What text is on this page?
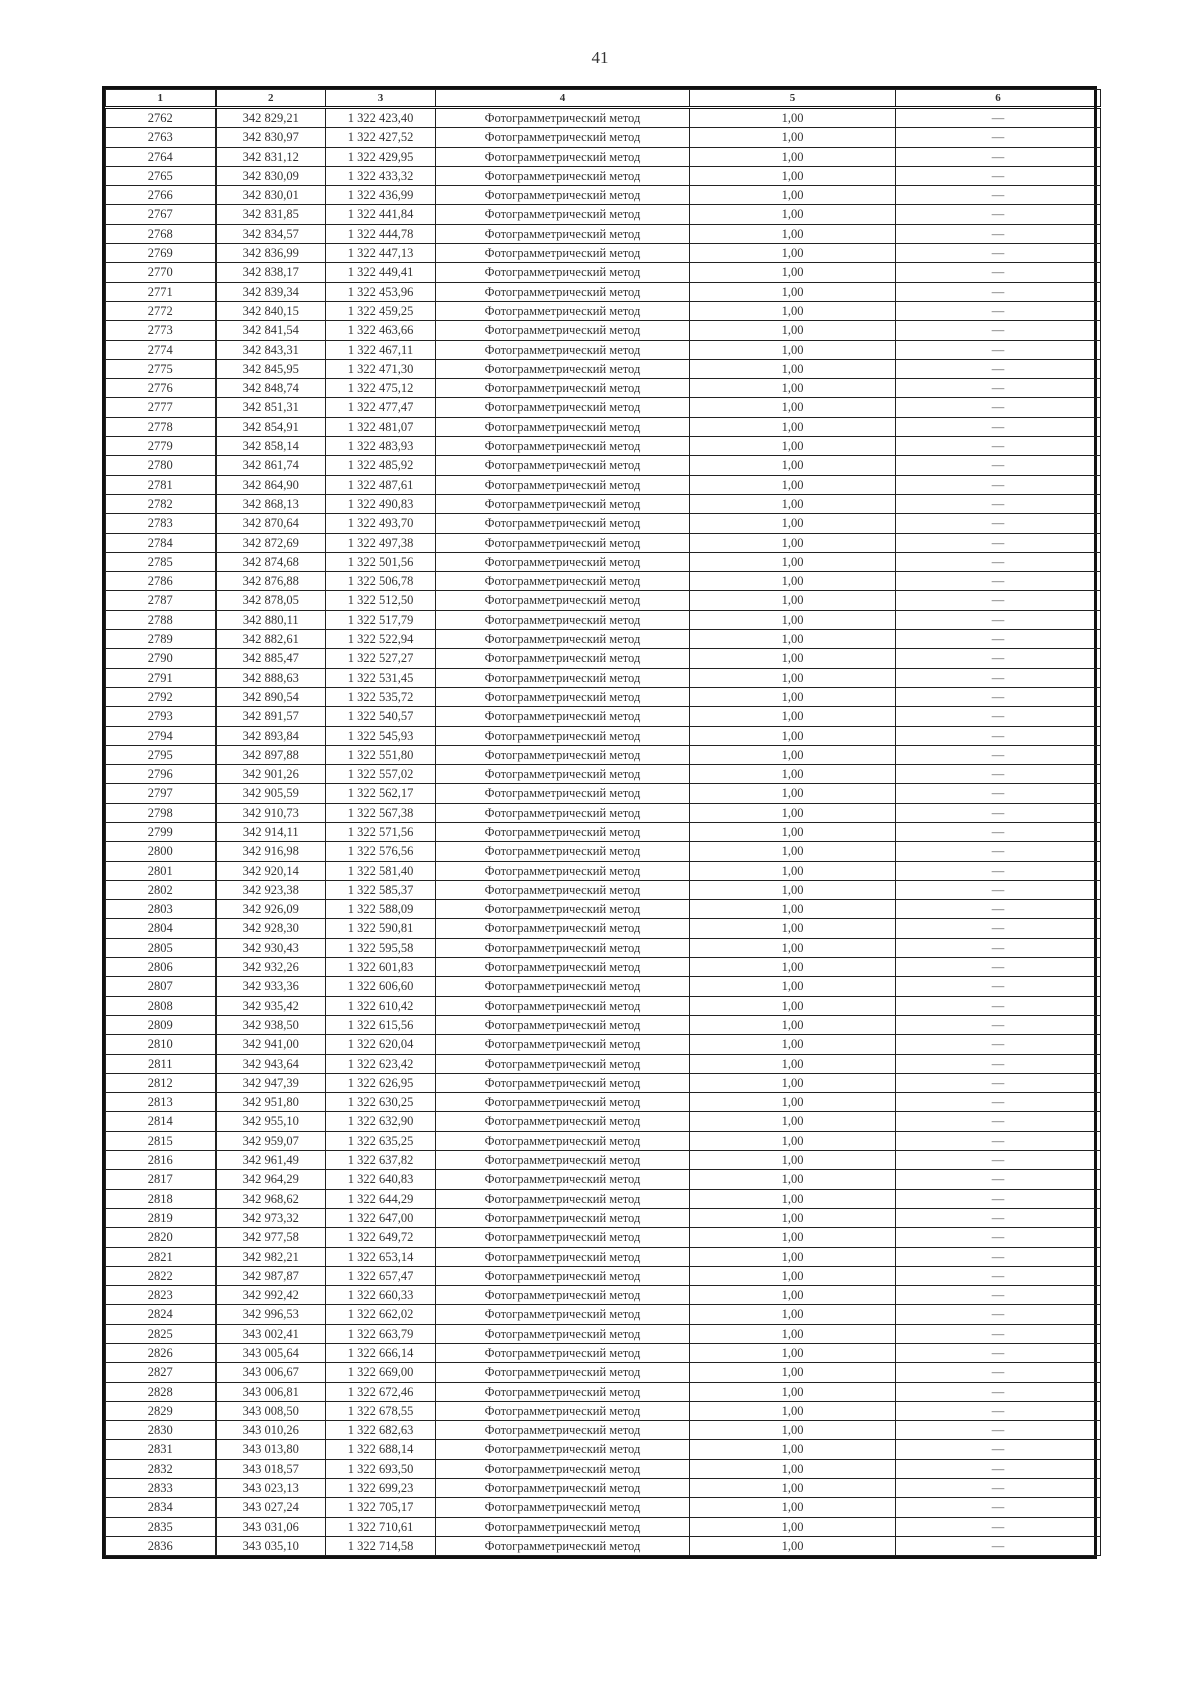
41
1	2	3	4	5	6
2762	342 829,21	1 322 423,40	Фотограмметрический метод	1,00	—
2763	342 830,97	1 322 427,52	Фотограмметрический метод	1,00	—
2764	342 831,12	1 322 429,95	Фотограмметрический метод	1,00	—
2765	342 830,09	1 322 433,32	Фотограмметрический метод	1,00	—
2766	342 830,01	1 322 436,99	Фотограмметрический метод	1,00	—
2767	342 831,85	1 322 441,84	Фотограмметрический метод	1,00	—
2768	342 834,57	1 322 444,78	Фотограмметрический метод	1,00	—
2769	342 836,99	1 322 447,13	Фотограмметрический метод	1,00	—
2770	342 838,17	1 322 449,41	Фотограмметрический метод	1,00	—
2771	342 839,34	1 322 453,96	Фотограмметрический метод	1,00	—
2772	342 840,15	1 322 459,25	Фотограмметрический метод	1,00	—
2773	342 841,54	1 322 463,66	Фотограмметрический метод	1,00	—
2774	342 843,31	1 322 467,11	Фотограмметрический метод	1,00	—
2775	342 845,95	1 322 471,30	Фотограмметрический метод	1,00	—
2776	342 848,74	1 322 475,12	Фотограмметрический метод	1,00	—
2777	342 851,31	1 322 477,47	Фотограмметрический метод	1,00	—
2778	342 854,91	1 322 481,07	Фотограмметрический метод	1,00	—
2779	342 858,14	1 322 483,93	Фотограмметрический метод	1,00	—
2780	342 861,74	1 322 485,92	Фотограмметрический метод	1,00	—
2781	342 864,90	1 322 487,61	Фотограмметрический метод	1,00	—
2782	342 868,13	1 322 490,83	Фотограмметрический метод	1,00	—
2783	342 870,64	1 322 493,70	Фотограмметрический метод	1,00	—
2784	342 872,69	1 322 497,38	Фотограмметрический метод	1,00	—
2785	342 874,68	1 322 501,56	Фотограмметрический метод	1,00	—
2786	342 876,88	1 322 506,78	Фотограмметрический метод	1,00	—
2787	342 878,05	1 322 512,50	Фотограмметрический метод	1,00	—
2788	342 880,11	1 322 517,79	Фотограмметрический метод	1,00	—
2789	342 882,61	1 322 522,94	Фотограмметрический метод	1,00	—
2790	342 885,47	1 322 527,27	Фотограмметрический метод	1,00	—
2791	342 888,63	1 322 531,45	Фотограмметрический метод	1,00	—
2792	342 890,54	1 322 535,72	Фотограмметрический метод	1,00	—
2793	342 891,57	1 322 540,57	Фотограмметрический метод	1,00	—
2794	342 893,84	1 322 545,93	Фотограмметрический метод	1,00	—
2795	342 897,88	1 322 551,80	Фотограмметрический метод	1,00	—
2796	342 901,26	1 322 557,02	Фотограмметрический метод	1,00	—
2797	342 905,59	1 322 562,17	Фотограмметрический метод	1,00	—
2798	342 910,73	1 322 567,38	Фотограмметрический метод	1,00	—
2799	342 914,11	1 322 571,56	Фотограмметрический метод	1,00	—
2800	342 916,98	1 322 576,56	Фотограмметрический метод	1,00	—
2801	342 920,14	1 322 581,40	Фотограмметрический метод	1,00	—
2802	342 923,38	1 322 585,37	Фотограмметрический метод	1,00	—
2803	342 926,09	1 322 588,09	Фотограмметрический метод	1,00	—
2804	342 928,30	1 322 590,81	Фотограмметрический метод	1,00	—
2805	342 930,43	1 322 595,58	Фотограмметрический метод	1,00	—
2806	342 932,26	1 322 601,83	Фотограмметрический метод	1,00	—
2807	342 933,36	1 322 606,60	Фотограмметрический метод	1,00	—
2808	342 935,42	1 322 610,42	Фотограмметрический метод	1,00	—
2809	342 938,50	1 322 615,56	Фотограмметрический метод	1,00	—
2810	342 941,00	1 322 620,04	Фотограмметрический метод	1,00	—
2811	342 943,64	1 322 623,42	Фотограмметрический метод	1,00	—
2812	342 947,39	1 322 626,95	Фотограмметрический метод	1,00	—
2813	342 951,80	1 322 630,25	Фотограмметрический метод	1,00	—
2814	342 955,10	1 322 632,90	Фотограмметрический метод	1,00	—
2815	342 959,07	1 322 635,25	Фотограмметрический метод	1,00	—
2816	342 961,49	1 322 637,82	Фотограмметрический метод	1,00	—
2817	342 964,29	1 322 640,83	Фотограмметрический метод	1,00	—
2818	342 968,62	1 322 644,29	Фотограмметрический метод	1,00	—
2819	342 973,32	1 322 647,00	Фотограмметрический метод	1,00	—
2820	342 977,58	1 322 649,72	Фотограмметрический метод	1,00	—
2821	342 982,21	1 322 653,14	Фотограмметрический метод	1,00	—
2822	342 987,87	1 322 657,47	Фотограмметрический метод	1,00	—
2823	342 992,42	1 322 660,33	Фотограмметрический метод	1,00	—
2824	342 996,53	1 322 662,02	Фотограмметрический метод	1,00	—
2825	343 002,41	1 322 663,79	Фотограмметрический метод	1,00	—
2826	343 005,64	1 322 666,14	Фотограмметрический метод	1,00	—
2827	343 006,67	1 322 669,00	Фотограмметрический метод	1,00	—
2828	343 006,81	1 322 672,46	Фотограмметрический метод	1,00	—
2829	343 008,50	1 322 678,55	Фотограмметрический метод	1,00	—
2830	343 010,26	1 322 682,63	Фотограмметрический метод	1,00	—
2831	343 013,80	1 322 688,14	Фотограмметрический метод	1,00	—
2832	343 018,57	1 322 693,50	Фотограмметрический метод	1,00	—
2833	343 023,13	1 322 699,23	Фотограмметрический метод	1,00	—
2834	343 027,24	1 322 705,17	Фотограмметрический метод	1,00	—
2835	343 031,06	1 322 710,61	Фотограмметрический метод	1,00	—
2836	343 035,10	1 322 714,58	Фотограмметрический метод	1,00	—
